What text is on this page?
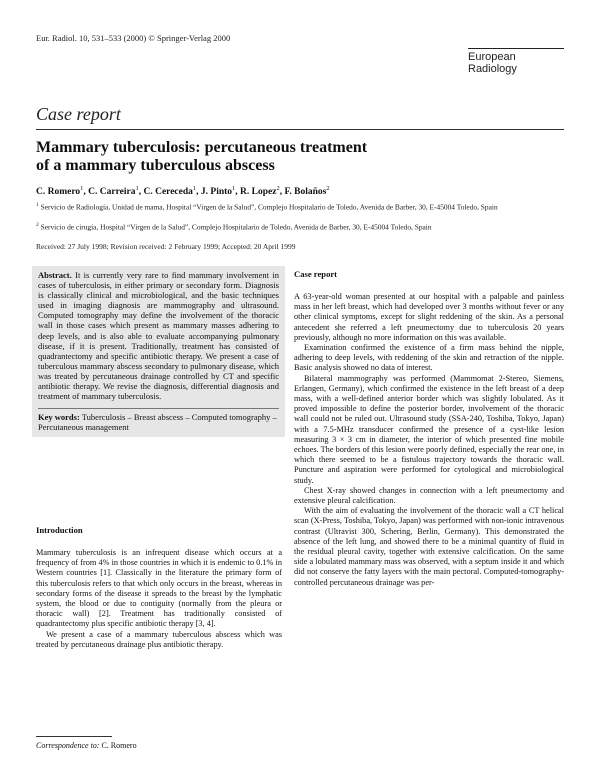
Eur. Radiol. 10, 531–533 (2000) © Springer-Verlag 2000
European
Radiology
Case report
Mammary tuberculosis: percutaneous treatment
of a mammary tuberculous abscess
C. Romero$^1$, C. Carreira$^1$, C. Cereceda$^1$, J. Pinto$^1$, R. Lopez$^2$, F. Bolaños$^2$
$^1$ Servicio de Radiología, Unidad de mama, Hospital “Virgen de la Salud”, Complejo Hospitalario de Toledo, Avenida de Barber, 30, E-45004 Toledo, Spain
$^2$ Servicio de cirugía, Hospital “Virgen de la Salud”, Complejo Hospitalario de Toledo, Avenida de Barber, 30, E-45004 Toledo, Spain
Received: 27 July 1998; Revision received: 2 February 1999; Accepted: 20 April 1999
Abstract. It is currently very rare to find mammary involvement in cases of tuberculosis, in either primary or secondary form. Diagnosis is classically clinical and microbiological, and the basic techniques used in imaging diagnosis are mammography and ultrasound. Computed tomography may define the involvement of the thoracic wall in those cases which present as mammary masses adhering to deep levels, and is also able to evaluate accompanying pulmonary disease, if it is present. Traditionally, treatment has consisted of quadrantectomy and specific antibiotic therapy. We present a case of tuberculous mammary abscess secondary to pulmonary disease, which was treated by percutaneous drainage controlled by CT and specific antibiotic therapy. We revise the diagnosis, differential diagnosis and treatment of mammary tuberculosis.
Key words: Tuberculosis – Breast abscess – Computed tomography – Percutaneous management
Introduction

Mammary tuberculosis is an infrequent disease which occurs at a frequency of from 4% in those countries in which it is endemic to 0.1% in Western countries [1]. Classically in the literature the primary form of this tuberculosis refers to that which only occurs in the breast, whereas in secondary forms of the disease it spreads to the breast by the lymphatic system, the blood or due to contiguity (normally from the pleura or thoracic wall) [2]. Treatment has traditionally consisted of quadrantectomy plus specific antibiotic therapy [3, 4].

We present a case of a mammary tuberculous abscess which was treated by percutaneous drainage plus antibiotic therapy.

Case report

A 63-year-old woman presented at our hospital with a palpable and painless mass in her left breast, which had developed over 3 months without fever or any other clinical symptoms, except for slight reddening of the skin. As a personal antecedent she referred a left pneumectomy due to tuberculosis 20 years previously, although no more information on this was available.

Examination confirmed the existence of a firm mass behind the nipple, adhering to deep levels, with reddening of the skin and retraction of the nipple. Basic analysis showed no data of interest.

Bilateral mammography was performed (Mammomat 2-Stereo, Siemens, Erlangen, Germany), which confirmed the existence in the left breast of a deep mass, with a well-defined anterior border which was slightly lobulated. As it proved impossible to define the posterior border, involvement of the thoracic wall could not be ruled out. Ultrasound study (SSA-240, Toshiba, Tokyo, Japan) with a 7.5-MHz transducer confirmed the presence of a cyst-like lesion measuring 3 × 3 cm in diameter, the interior of which presented fine mobile echoes. The borders of this lesion were poorly defined, especially the rear one, in which there seemed to be a fistulous trajectory towards the thoracic wall. Puncture and aspiration were performed for cytological and microbiological study.

Chest X-ray showed changes in connection with a left pneumectomy and extensive pleural calcification.

With the aim of evaluating the involvement of the thoracic wall a CT helical scan (X-Press, Toshiba, Tokyo, Japan) was performed with non-ionic intravenous contrast (Ultravist 300, Schering, Berlin, Germany). This demonstrated the absence of the left lung, and showed there to be a minimal quantity of fluid in the residual pleural cavity, together with extensive calcification. On the same side a lobulated mammary mass was observed, with a septum inside it and which did not conserve the fatty layers with the main pectoral. Computed-tomography-controlled percutaneous drainage was per-

Correspondence to: C. Romero
